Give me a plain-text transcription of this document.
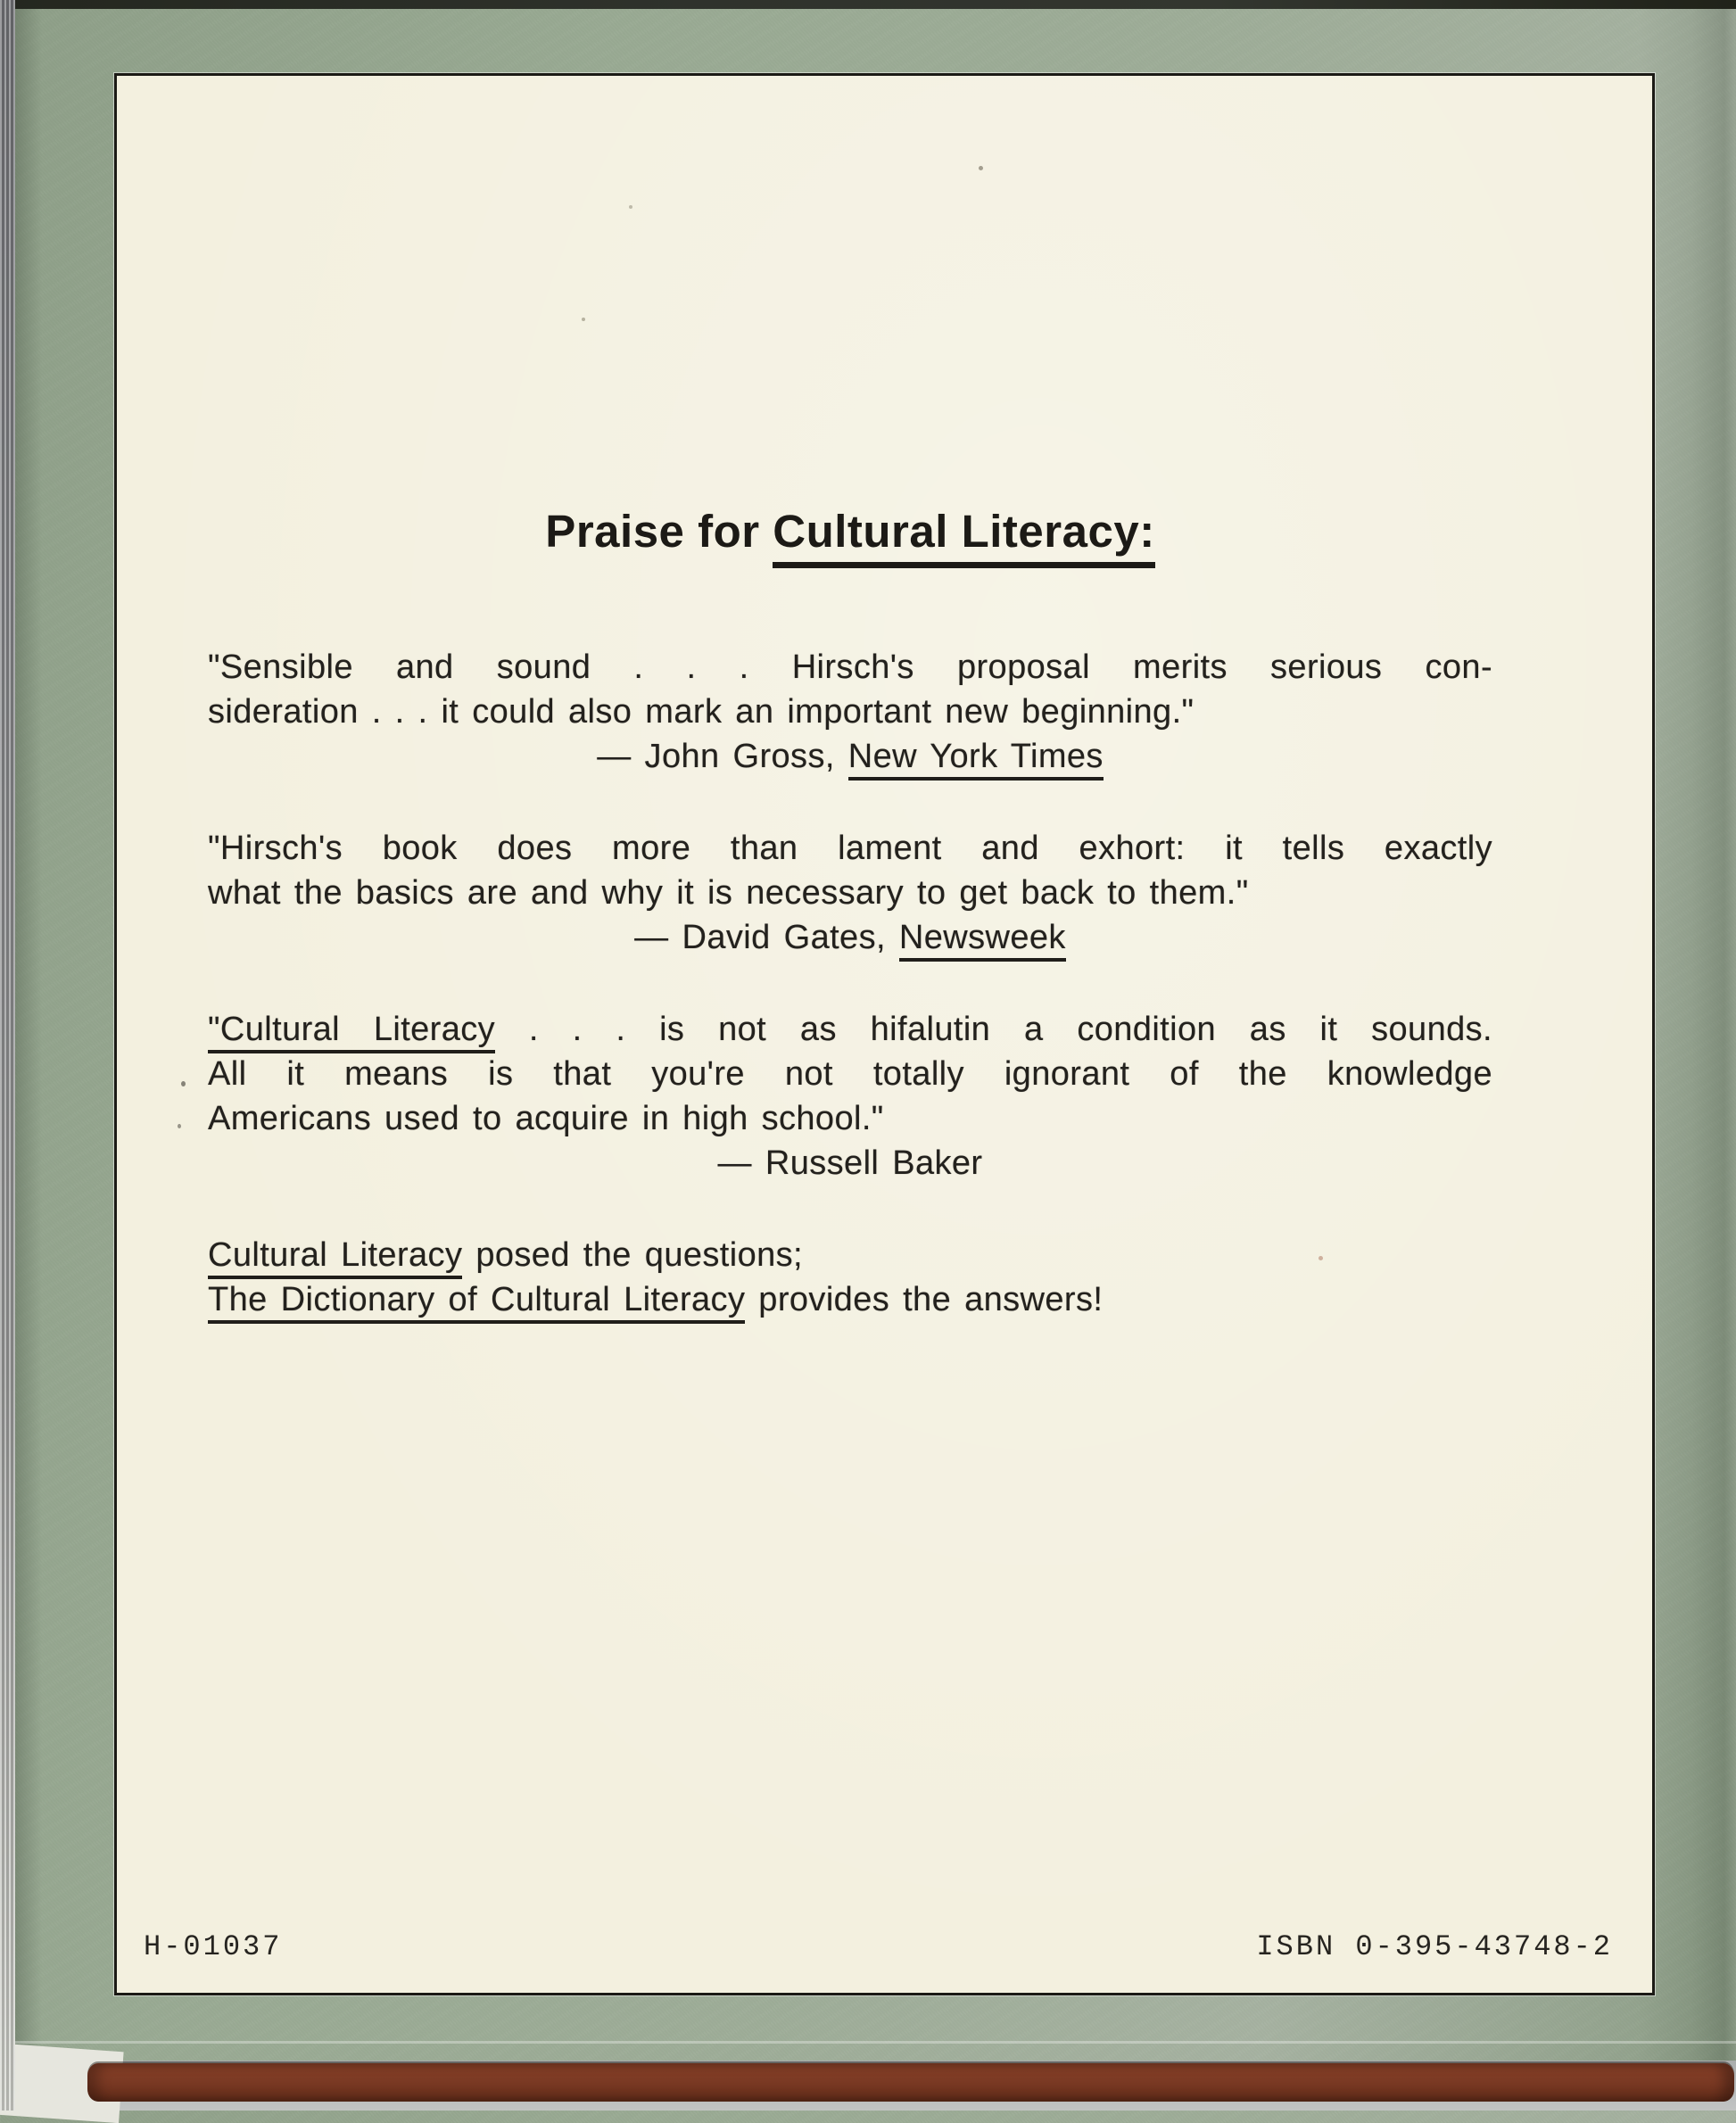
Praise for Cultural Literacy:
"Sensible and sound . . . Hirsch's proposal merits serious con-
sideration . . . it could also mark an important new beginning."
— John Gross, New York Times
"Hirsch's book does more than lament and exhort: it tells exactly
what the basics are and why it is necessary to get back to them."
— David Gates, Newsweek
"Cultural Literacy . . . is not as hifalutin a condition as it sounds.
All it means is that you're not totally ignorant of the knowledge
Americans used to acquire in high school."
— Russell Baker
Cultural Literacy posed the questions;
The Dictionary of Cultural Literacy provides the answers!
H-01037	ISBN 0-395-43748-2
